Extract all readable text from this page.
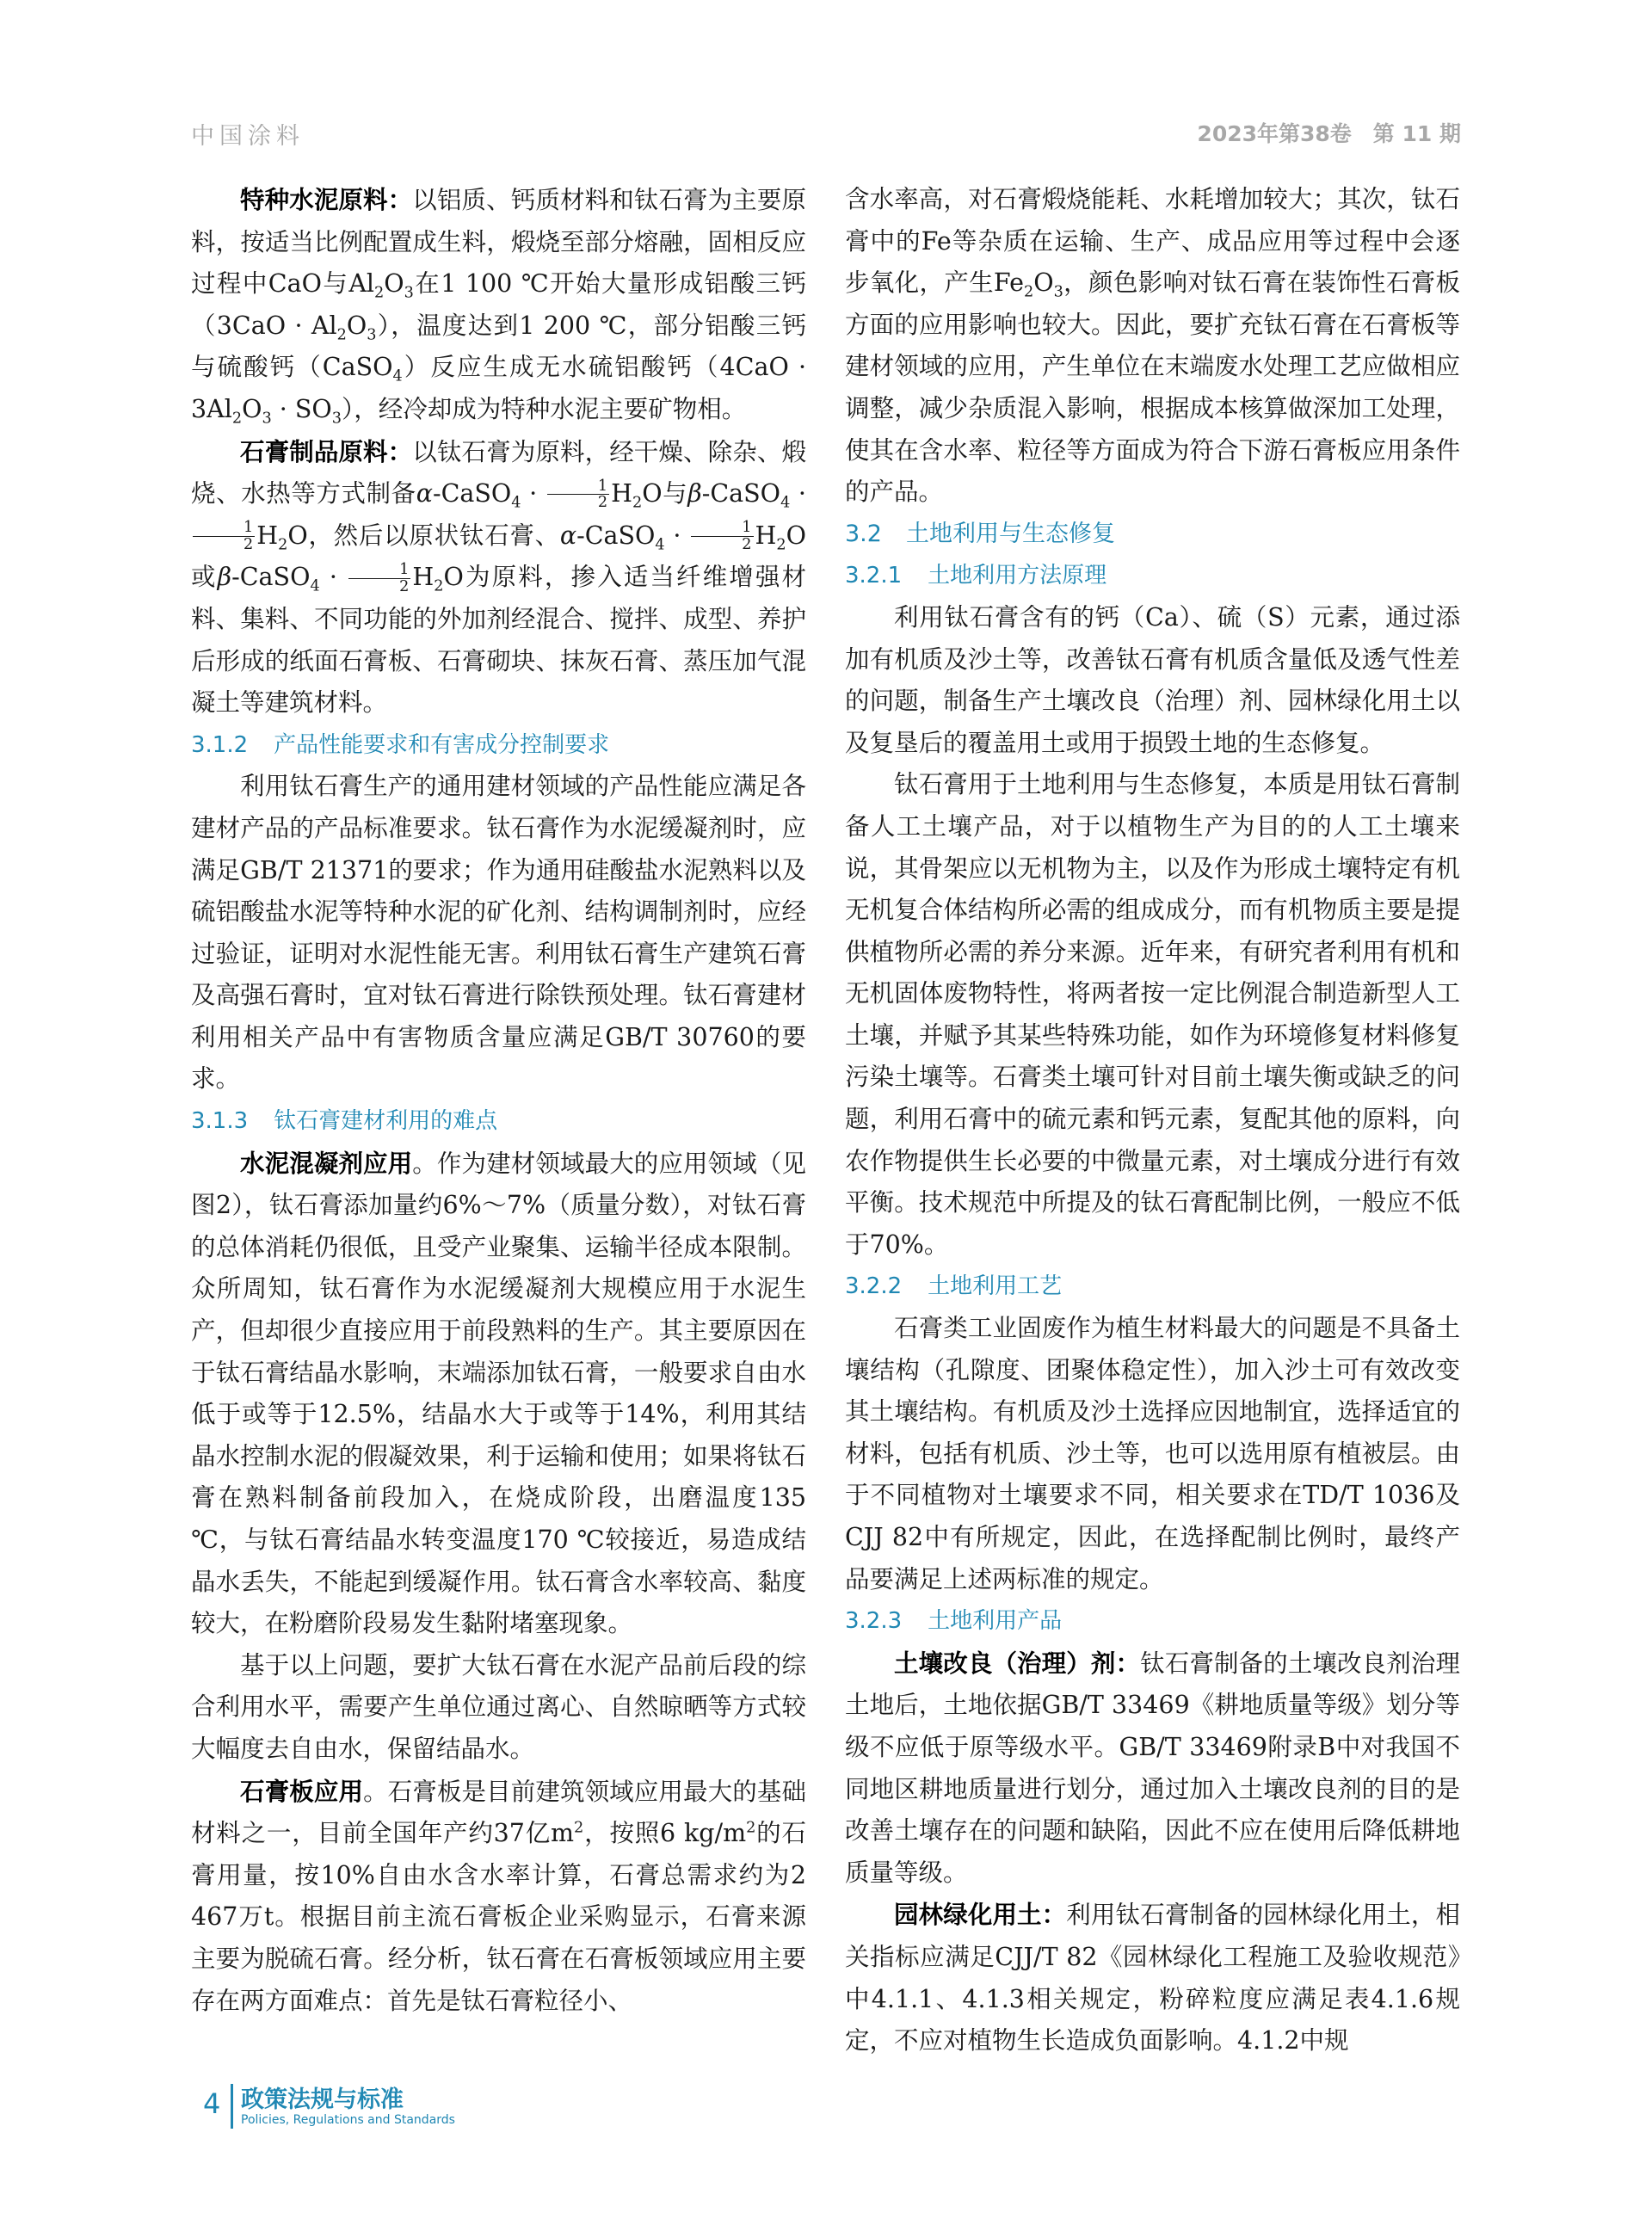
中国涂料	2023年第38卷　第 11 期

特种水泥原料：以铝质、钙质材料和钛石膏为主要原料，按适当比例配置成生料，煅烧至部分熔融，固相反应过程中CaO与$Al_2O_3$在1 100 ℃开始大量形成铝酸三钙$(3CaO \cdot Al_2O_3)$，温度达到1 200 ℃，部分铝酸三钙与硫酸钙（CaSO$_4$）反应生成无水硫铝酸钙$(4CaO \cdot 3Al_2O_3 \cdot SO_3)$，经冷却成为特种水泥主要矿物相。

石膏制品原料：以钛石膏为原料，经干燥、除杂、煅烧、水热等方式制备α-CaSO$_4$ · $\frac{1}{2} H_2O$与β-CaSO$_4$ ·
$\frac{1}{2} H_2O$，然后以原状钛石膏、α-CaSO$_4$ · $\frac{1}{2} H_2O$或β-CaSO$_4$ · $\frac{1}{2} H_2O$为原料，掺入适当纤维增强材料、集料、不同功能的外加剂经混合、搅拌、成型、养护后形成的纸面石膏板、石膏砌块、抹灰石膏、蒸压加气混凝土等建筑材料。

3.1.2 产品性能要求和有害成分控制要求

利用钛石膏生产的通用建材领域的产品性能应满足各建材产品的产品标准要求。钛石膏作为水泥缓凝剂时，应满足GB/T 21371的要求；作为通用硅酸盐水泥熟料以及硫铝酸盐水泥等特种水泥的矿化剂、结构调制剂时，应经过验证，证明对水泥性能无害。利用钛石膏生产建筑石膏及高强石膏时，宜对钛石膏进行除铁预处理。钛石膏建材利用相关产品中有害物质含量应满足GB/T 30760的要求。

3.1.3 钛石膏建材利用的难点

水泥混凝剂应用。作为建材领域最大的应用领域（见图2），钛石膏添加量约6%～7%（质量分数），对钛石膏的总体消耗仍很低，且受产业聚集、运输半径成本限制。众所周知，钛石膏作为水泥缓凝剂大规模应用于水泥生产，但却很少直接应用于前段熟料的生产。其主要原因在于钛石膏结晶水影响，末端添加钛石膏，一般要求自由水低于或等于12.5%，结晶水大于或等于14%，利用其结晶水控制水泥的假凝效果，利于运输和使用；如果将钛石膏在熟料制备前段加入，在烧成阶段，出磨温度135 ℃，与钛石膏结晶水转变温度170 ℃较接近，易造成结晶水丢失，不能起到缓凝作用。钛石膏含水率较高、黏度较大，在粉磨阶段易发生黏附堵塞现象。

基于以上问题，要扩大钛石膏在水泥产品前后段的综合利用水平，需要产生单位通过离心、自然晾晒等方式较大幅度去自由水，保留结晶水。

石膏板应用。石膏板是目前建筑领域应用最大的基础材料之一，目前全国年产约37亿$m^2$，按照6 $kg/m^2$的石膏用量，按10%自由水含水率计算，石膏总需求约为2 467万t。根据目前主流石膏板企业采购显示，石膏来源主要为脱硫石膏。经分析，钛石膏在石膏板领域应用主要存在两方面难点：首先是钛石膏粒径小、

含水率高，对石膏煅烧能耗、水耗增加较大；其次，钛石膏中的Fe等杂质在运输、生产、成品应用等过程中会逐步氧化，产生$Fe_2O_3$，颜色影响对钛石膏在装饰性石膏板方面的应用影响也较大。因此，要扩充钛石膏在石膏板等建材领域的应用，产生单位在末端废水处理工艺应做相应调整，减少杂质混入影响，根据成本核算做深加工处理，使其在含水率、粒径等方面成为符合下游石膏板应用条件的产品。

3.2 土地利用与生态修复
3.2.1 土地利用方法原理

利用钛石膏含有的钙（Ca）、硫（S）元素，通过添加有机质及沙土等，改善钛石膏有机质含量低及透气性差的问题，制备生产土壤改良（治理）剂、园林绿化用土以及复垦后的覆盖用土或用于损毁土地的生态修复。

钛石膏用于土地利用与生态修复，本质是用钛石膏制备人工土壤产品，对于以植物生产为目的的人工土壤来说，其骨架应以无机物为主，以及作为形成土壤特定有机无机复合体结构所必需的组成成分，而有机物质主要是提供植物所必需的养分来源。近年来，有研究者利用有机和无机固体废物特性，将两者按一定比例混合制造新型人工土壤，并赋予其某些特殊功能，如作为环境修复材料修复污染土壤等。石膏类土壤可针对目前土壤失衡或缺乏的问题，利用石膏中的硫元素和钙元素，复配其他的原料，向农作物提供生长必要的中微量元素，对土壤成分进行有效平衡。技术规范中所提及的钛石膏配制比例，一般应不低于70%。

3.2.2 土地利用工艺

石膏类工业固废作为植生材料最大的问题是不具备土壤结构（孔隙度、团聚体稳定性），加入沙土可有效改变其土壤结构。有机质及沙土选择应因地制宜，选择适宜的材料，包括有机质、沙土等，也可以选用原有植被层。由于不同植物对土壤要求不同，相关要求在TD/T 1036及CJJ 82中有所规定，因此，在选择配制比例时，最终产品要满足上述两标准的规定。

3.2.3 土地利用产品

土壤改良（治理）剂：钛石膏制备的土壤改良剂治理土地后，土地依据GB/T 33469《耕地质量等级》划分等级不应低于原等级水平。GB/T 33469附录B中对我国不同地区耕地质量进行划分，通过加入土壤改良剂的目的是改善土壤存在的问题和缺陷，因此不应在使用后降低耕地质量等级。

园林绿化用土：利用钛石膏制备的园林绿化用土，相关指标应满足CJJ/T 82《园林绿化工程施工及验收规范》中4.1.1、4.1.3相关规定，粉碎粒度应满足表4.1.6规定，不应对植物生长造成负面影响。4.1.2中规

4 政策法规与标准
Policies, Regulations and Standards
